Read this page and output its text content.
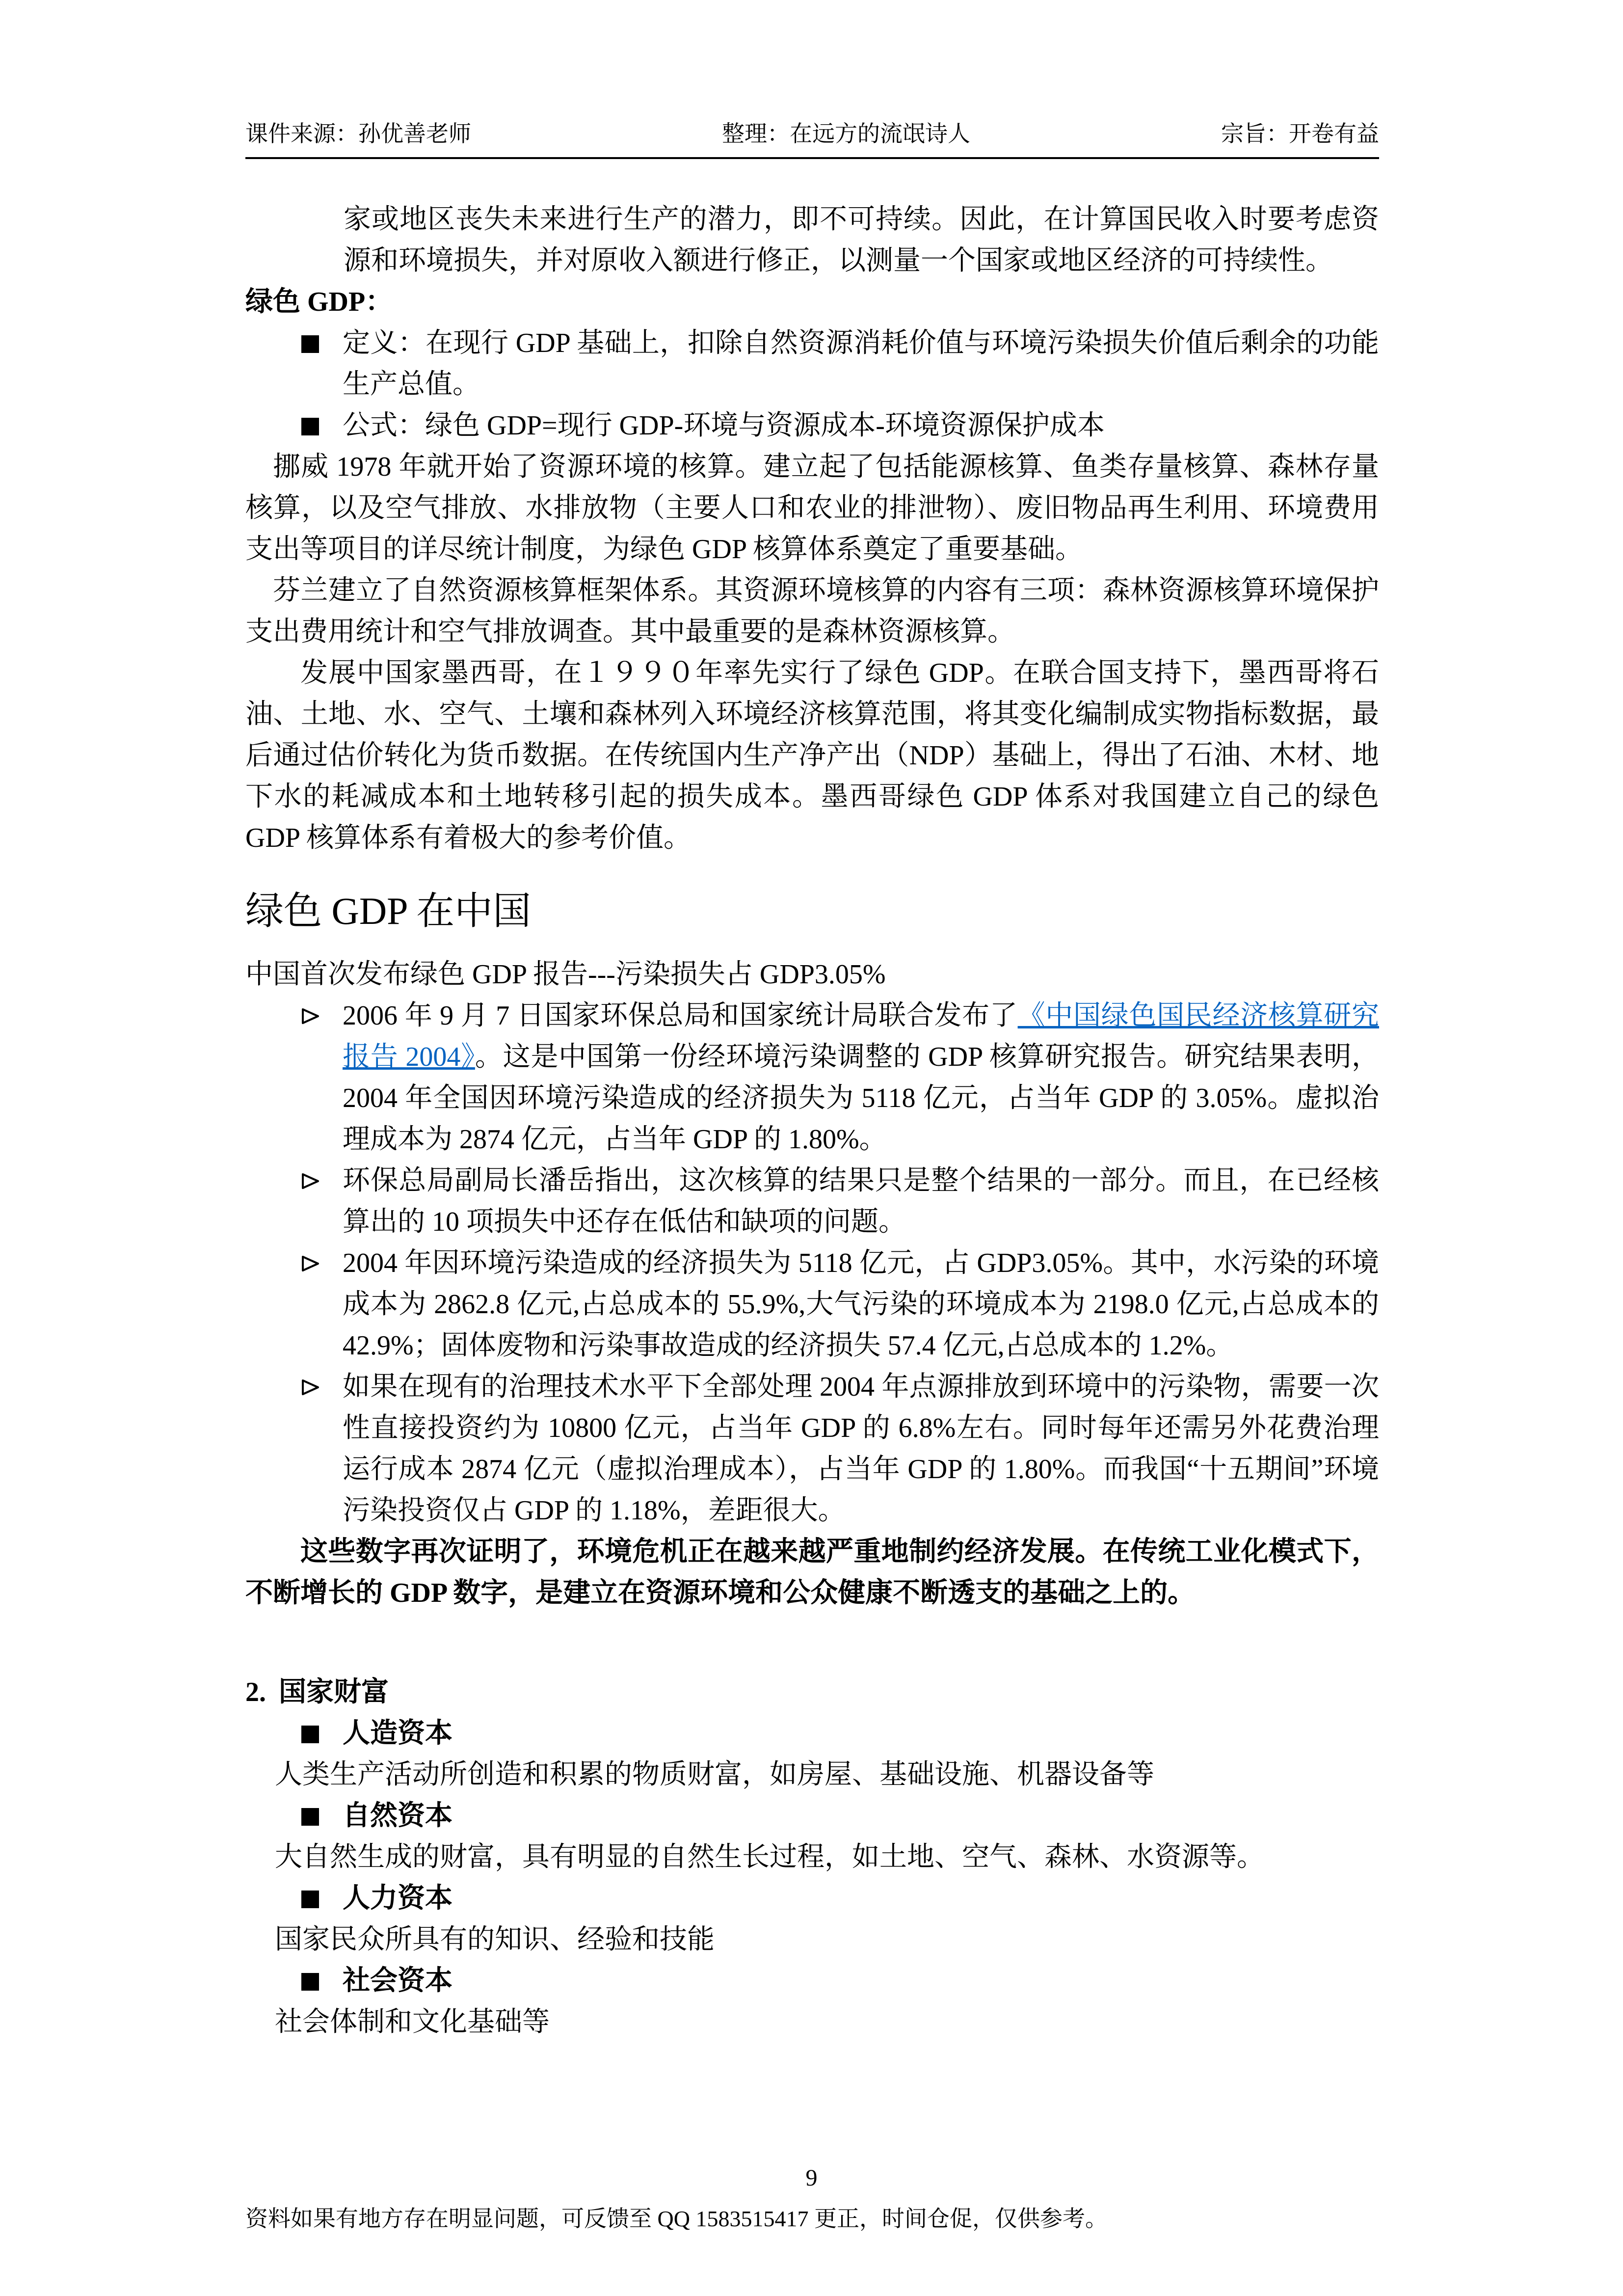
课件来源：孙优善老师	整理：在远方的流氓诗人	宗旨：开卷有益

家或地区丧失未来进行生产的潜力，即不可持续。因此，在计算国民收入时要考虑资源和环境损失，并对原收入额进行修正，以测量一个国家或地区经济的可持续性。

绿色 GDP：

定义：在现行 GDP 基础上，扣除自然资源消耗价值与环境污染损失价值后剩余的功能生产总值。

公式：绿色 GDP=现行 GDP-环境与资源成本-环境资源保护成本

挪威 1978 年就开始了资源环境的核算。建立起了包括能源核算、鱼类存量核算、森林存量核算，以及空气排放、水排放物（主要人口和农业的排泄物）、废旧物品再生利用、环境费用支出等项目的详尽统计制度，为绿色 GDP 核算体系奠定了重要基础。

芬兰建立了自然资源核算框架体系。其资源环境核算的内容有三项：森林资源核算环境保护支出费用统计和空气排放调查。其中最重要的是森林资源核算。

发展中国家墨西哥，在１９９０年率先实行了绿色 GDP。在联合国支持下，墨西哥将石油、土地、水、空气、土壤和森林列入环境经济核算范围，将其变化编制成实物指标数据，最后通过估价转化为货币数据。在传统国内生产净产出（NDP）基础上，得出了石油、木材、地下水的耗减成本和土地转移引起的损失成本。墨西哥绿色 GDP 体系对我国建立自己的绿色 GDP 核算体系有着极大的参考价值。

绿色 GDP 在中国

中国首次发布绿色 GDP 报告---污染损失占 GDP3.05%

2006 年 9 月 7 日国家环保总局和国家统计局联合发布了《中国绿色国民经济核算研究报告 2004》。这是中国第一份经环境污染调整的 GDP 核算研究报告。研究结果表明，2004 年全国因环境污染造成的经济损失为 5118 亿元，占当年 GDP 的 3.05%。虚拟治理成本为 2874 亿元，占当年 GDP 的 1.80%。

环保总局副局长潘岳指出，这次核算的结果只是整个结果的一部分。而且，在已经核算出的 10 项损失中还存在低估和缺项的问题。

2004 年因环境污染造成的经济损失为 5118 亿元，占 GDP3.05%。其中，水污染的环境成本为 2862.8 亿元,占总成本的 55.9%,大气污染的环境成本为 2198.0 亿元,占总成本的 42.9%；固体废物和污染事故造成的经济损失 57.4 亿元,占总成本的 1.2%。

如果在现有的治理技术水平下全部处理 2004 年点源排放到环境中的污染物，需要一次性直接投资约为 10800 亿元，占当年 GDP 的 6.8%左右。同时每年还需另外花费治理运行成本 2874 亿元（虚拟治理成本），占当年 GDP 的 1.80%。而我国“十五期间”环境污染投资仅占 GDP 的 1.18%，差距很大。

这些数字再次证明了，环境危机正在越来越严重地制约经济发展。在传统工业化模式下，不断增长的 GDP 数字，是建立在资源环境和公众健康不断透支的基础之上的。

2. 国家财富

人造资本

人类生产活动所创造和积累的物质财富，如房屋、基础设施、机器设备等

自然资本

大自然生成的财富，具有明显的自然生长过程，如土地、空气、森林、水资源等。

人力资本

国家民众所具有的知识、经验和技能

社会资本

社会体制和文化基础等

9
资料如果有地方存在明显问题，可反馈至 QQ 1583515417 更正，时间仓促，仅供参考。
